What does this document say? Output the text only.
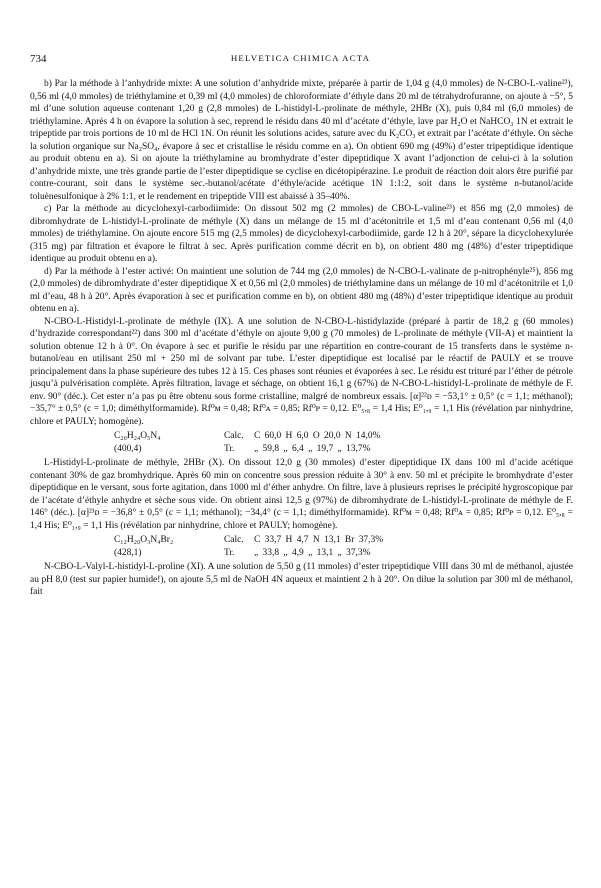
734	HELVETICA CHIMICA ACTA

b) Par la méthode à l’anhydride mixte: A une solution d’anhydride mixte, préparée à partir de 1,04 g (4,0 mmoles) de N-CBO-L-valine²³), 0,56 ml (4,0 mmoles) de triéthylamine et 0,39 ml (4,0 mmoles) de chloroformiate d’éthyle dans 20 ml de tétrahydrofuranne, on ajoute à −5°, 5 ml d’une solution aqueuse contenant 1,20 g (2,8 mmoles) de L-histidyl-L-prolinate de méthyle, 2HBr (X), puis 0,84 ml (6,0 mmoles) de triéthylamine. Après 4 h on évapore la solution à sec, reprend le résidu dans 40 ml d’acétate d’éthyle, lave par H₂O et NaHCO₃ 1N et extrait le tripeptide par trois portions de 10 ml de HCl 1N. On réunit les solutions acides, sature avec du K₂CO₃ et extrait par l’acétate d’éthyle. On sèche la solution organique sur Na₂SO₄, évapore à sec et cristallise le résidu comme en a). On obtient 690 mg (49%) d’ester tripeptidique identique au produit obtenu en a). Si on ajoute la triéthylamine au bromhydrate d’ester dipeptidique X avant l’adjonction de celui-ci à la solution d’anhydride mixte, une très grande partie de l’ester dipeptidique se cyclise en dicétopipérazine. Le produit de réaction doit alors être purifié par contre-courant, soit dans le système sec.-butanol/acétate d’éthyle/acide acétique 1N 1:1:2, soit dans le système n-butanol/acide toluènesulfonique à 2% 1:1, et le rendement en tripeptide VIII est abaissé à 35–40%.

c) Par la méthode au dicyclohexyl-carbodiimide: On dissout 502 mg (2 mmoles) de CBO-L-valine²³) et 856 mg (2,0 mmoles) de dibromhydrate de L-histidyl-L-prolinate de méthyle (X) dans un mélange de 15 ml d’acétonitrile et 1,5 ml d’eau contenant 0,56 ml (4,0 mmoles) de triéthylamine. On ajoute encore 515 mg (2,5 mmoles) de dicyclohexyl-carbodiimide, garde 12 h à 20°, sépare la dicyclohexylurée (315 mg) par filtration et évapore le filtrat à sec. Après purification comme décrit en b), on obtient 480 mg (48%) d’ester tripeptidique identique au produit obtenu en a).

d) Par la méthode à l’ester activé: On maintient une solution de 744 mg (2,0 mmoles) de N-CBO-L-valinate de p-nitrophényle²⁵), 856 mg (2,0 mmoles) de dibromhydrate d’ester dipeptidique X et 0,56 ml (2,0 mmoles) de triéthylamine dans un mélange de 10 ml d’acétonitrile et 1,0 ml d’eau, 48 h à 20°. Après évaporation à sec et purification comme en b), on obtient 480 mg (48%) d’ester tripeptidique identique au produit obtenu en a).

N-CBO-L-Histidyl-L-prolinate de méthyle (IX). A une solution de N-CBO-L-histidylazide (préparé à partir de 18,2 g (60 mmoles) d’hydrazide correspondant²²) dans 300 ml d’acétate d’éthyle on ajoute 9,00 g (70 mmoles) de L-prolinate de méthyle (VII-A) et maintient la solution obtenue 12 h à 0°. On évapore à sec et purifie le résidu par une répartition en contre-courant de 15 transferts dans le système n-butanol/eau en utilisant 250 ml + 250 ml de solvant par tube. L’ester dipeptidique est localisé par le réactif de PAULY et se trouve principalement dans la phase supérieure des tubes 12 à 15. Ces phases sont réunies et évaporées à sec. Le résidu est trituré par l’éther de pétrole jusqu’à pulvérisation complète. Après filtration, lavage et séchage, on obtient 16,1 g (67%) de N-CBO-L-histidyl-L-prolinate de méthyle de F. env. 90° (déc.). Cet ester n’a pas pu être obtenu sous forme cristalline, malgré de nombreux essais. [α]²²ᴅ = −53,1° ± 0,5° (c = 1,1; méthanol); −35,7° ± 0,5° (c = 1,0; diméthylformamide). Rf⁰ᴍ = 0,48; Rf⁰ᴀ = 0,85; Rf⁰ᴘ = 0,12. E⁰₅,₈ = 1,4 His; E⁰₁,₉ = 1,1 His (révélation par ninhydrine, chlore et PAULY; homogène).

C₂₀H₂₄O₅N₄	Calc.	C 60,0 H 6,0 O 20,0 N 14,0%
(400,4)	Tr.	„ 59,8 „ 6,4 „ 19,7 „ 13,7%

L-Histidyl-L-prolinate de méthyle, 2HBr (X). On dissout 12,0 g (30 mmoles) d’ester dipeptidique IX dans 100 ml d’acide acétique contenant 30% de gaz bromhydrique. Après 60 min on concentre sous pression réduite à 30° à env. 50 ml et précipite le bromhydrate d’ester dipeptidique en le versant, sous forte agitation, dans 1000 ml d’éther anhydre. On filtre, lave à plusieurs reprises le précipité hygroscopique par de l’acétate d’éthyle anhydre et sèche sous vide. On obtient ainsi 12,5 g (97%) de dibromhydrate de L-histidyl-L-prolinate de méthyle de F. 146° (déc.). [α]²¹ᴅ = −36,8° ± 0,5° (c = 1,1; méthanol); −34,4° (c = 1,1; diméthylformamide). Rf⁰ᴍ = 0,48; Rf⁰ᴀ = 0,85; Rf⁰ᴘ = 0,12. E⁰₅,₈ = 1,4 His; E⁰₁,₉ = 1,1 His (révélation par ninhydrine, chlore et PAULY; homogène).

C₁₂H₂₀O₃N₄Br₂	Calc.	C 33,7 H 4,7 N 13,1 Br 37,3%
(428,1)	Tr.	„ 33,8 „ 4,9 „ 13,1 „ 37,3%

N-CBO-L-Valyl-L-histidyl-L-proline (XI). A une solution de 5,50 g (11 mmoles) d’ester tripeptidique VIII dans 30 ml de méthanol, ajustée au pH 8,0 (test sur papier humide!), on ajoute 5,5 ml de NaOH 4N aqueux et maintient 2 h à 20°. On dilue la solution par 300 ml de méthanol, fait
